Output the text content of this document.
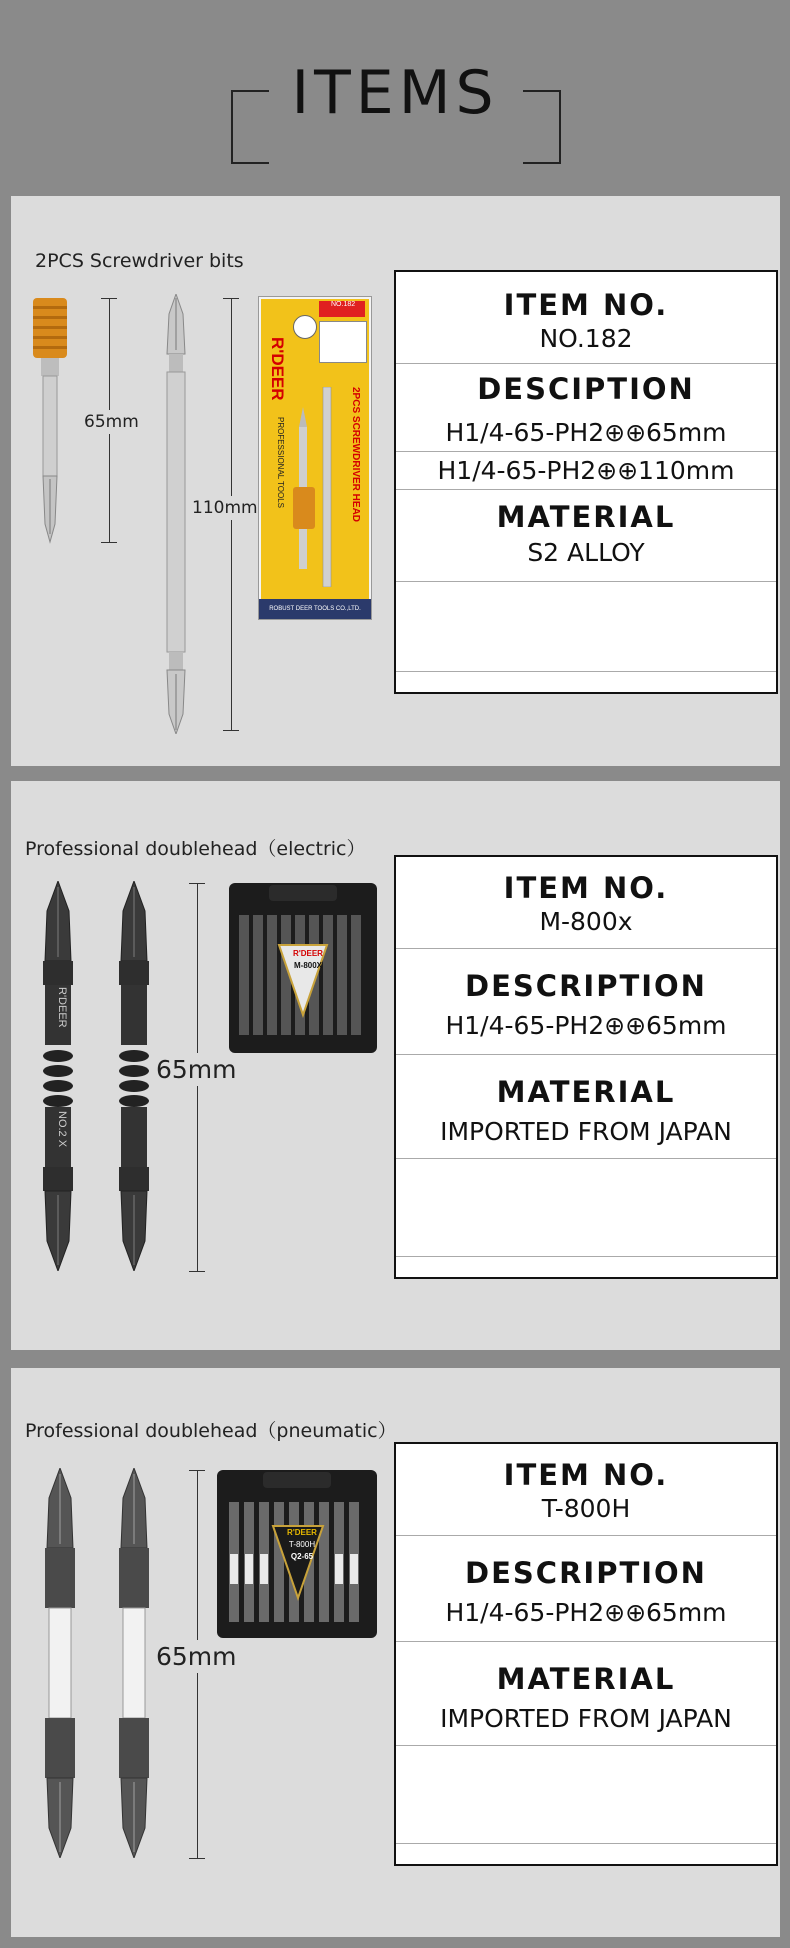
ITEMS
2PCS Screwdriver bits
65mm
110mm
R'DEER
PROFESSIONAL TOOLS	2PCS SCREWDRIVER HEAD
NO.182
ROBUST DEER TOOLS CO.,LTD.
ITEM NO.
NO.182
DESCIPTION
H1/4-65-PH2⊕⊕65mm
H1/4-65-PH2⊕⊕110mm
MATERIAL
S2 ALLOY
Professional doublehead（electric）
R'DEER
NO.2 X
65mm
R'DEER
M-800X
ITEM NO.
M-800x
DESCRIPTION
H1/4-65-PH2⊕⊕65mm
MATERIAL
IMPORTED FROM JAPAN
Professional doublehead（pneumatic）
65mm
R'DEER
T-800H
Q2-65
ITEM NO.
T-800H
DESCRIPTION
H1/4-65-PH2⊕⊕65mm
MATERIAL
IMPORTED FROM JAPAN
